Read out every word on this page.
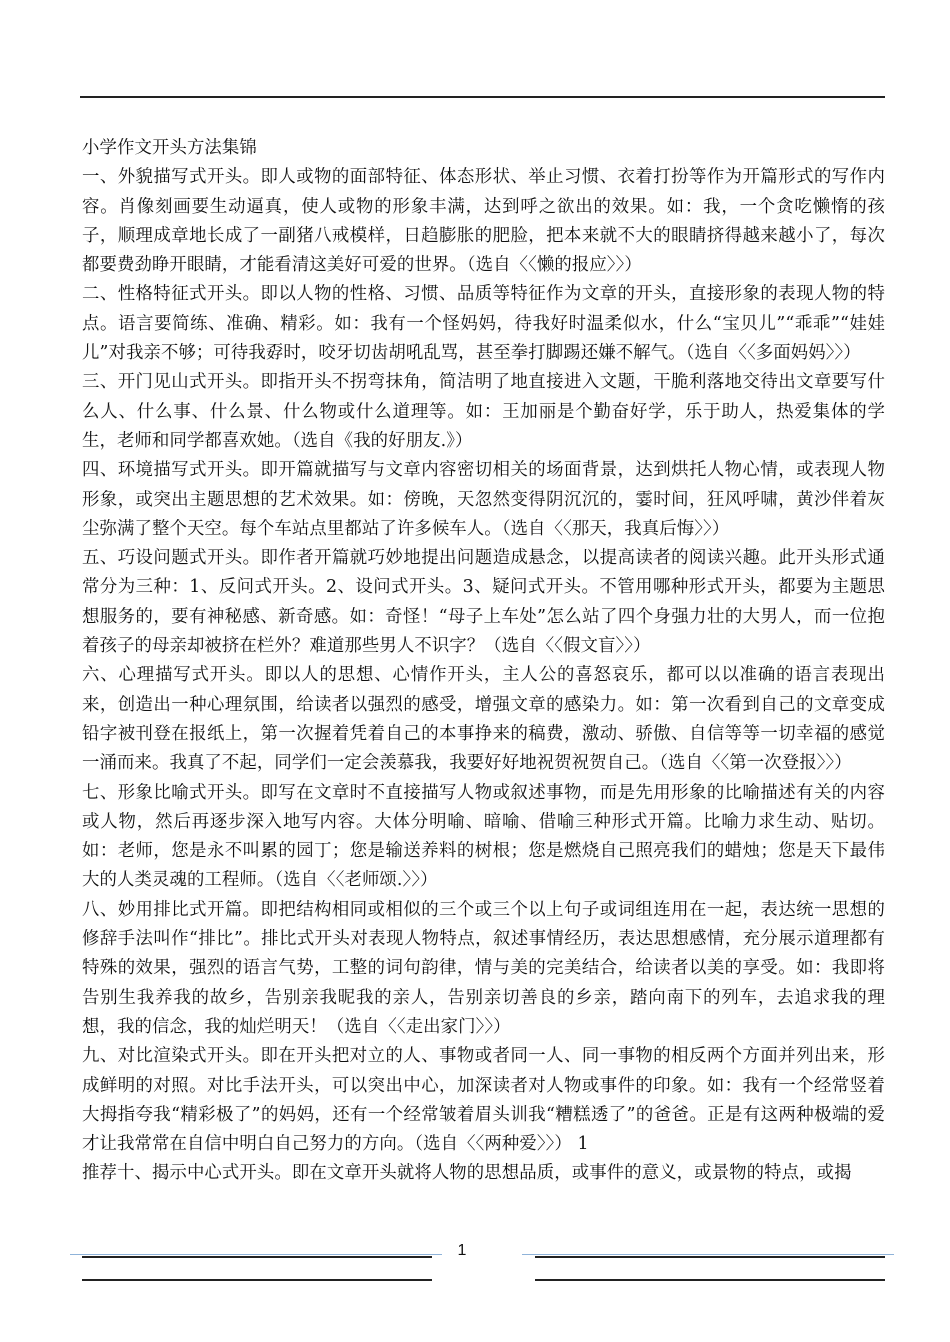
小学作文开头方法集锦

一、外貌描写式开头。即人或物的面部特征、体态形状、举止习惯、衣着打扮等作为开篇形式的写作内容。肖像刻画要生动逼真，使人或物的形象丰满，达到呼之欲出的效果。如：我，一个贪吃懒惰的孩子，顺理成章地长成了一副猪八戒模样，日趋膨胀的肥脸，把本来就不大的眼睛挤得越来越小了，每次都要费劲睁开眼睛，才能看清这美好可爱的世界。（选自〈〈懒的报应〉〉）

二、性格特征式开头。即以人物的性格、习惯、品质等特征作为文章的开头，直接形象的表现人物的特点。语言要简练、准确、精彩。如：我有一个怪妈妈，待我好时温柔似水，什么“宝贝儿”“乖乖”“娃娃儿”对我亲不够；可待我孬时，咬牙切齿胡吼乱骂，甚至拳打脚踢还嫌不解气。（选自〈〈多面妈妈〉〉）

三、开门见山式开头。即指开头不拐弯抹角，简洁明了地直接进入文题，干脆利落地交待出文章要写什么人、什么事、什么景、什么物或什么道理等。如：王加丽是个勤奋好学，乐于助人，热爱集体的学生，老师和同学都喜欢她。（选自《我的好朋友.》）

四、环境描写式开头。即开篇就描写与文章内容密切相关的场面背景，达到烘托人物心情，或表现人物形象，或突出主题思想的艺术效果。如：傍晚，天忽然变得阴沉沉的，霎时间，狂风呼啸，黄沙伴着灰尘弥满了整个天空。每个车站点里都站了许多候车人。（选自〈〈那天，我真后悔〉〉）

五、巧设问题式开头。即作者开篇就巧妙地提出问题造成悬念，以提高读者的阅读兴趣。此开头形式通常分为三种：1、反问式开头。2、设问式开头。3、疑问式开头。不管用哪种形式开头，都要为主题思想服务的，要有神秘感、新奇感。如：奇怪！“母子上车处”怎么站了四个身强力壮的大男人，而一位抱着孩子的母亲却被挤在栏外？难道那些男人不识字？（选自〈〈假文盲〉〉）

六、心理描写式开头。即以人的思想、心情作开头，主人公的喜怒哀乐，都可以以准确的语言表现出来，创造出一种心理氛围，给读者以强烈的感受，增强文章的感染力。如：第一次看到自己的文章变成铅字被刊登在报纸上，第一次握着凭着自己的本事挣来的稿费，激动、骄傲、自信等等一切幸福的感觉一涌而来。我真了不起，同学们一定会羡慕我，我要好好地祝贺祝贺自己。（选自〈〈第一次登报〉〉）

七、形象比喻式开头。即写在文章时不直接描写人物或叙述事物，而是先用形象的比喻描述有关的内容或人物，然后再逐步深入地写内容。大体分明喻、暗喻、借喻三种形式开篇。比喻力求生动、贴切。如：老师，您是永不叫累的园丁；您是输送养料的树根；您是燃烧自己照亮我们的蜡烛；您是天下最伟大的人类灵魂的工程师。（选自〈〈老师颂.〉〉）

八、妙用排比式开篇。即把结构相同或相似的三个或三个以上句子或词组连用在一起，表达统一思想的修辞手法叫作“排比”。排比式开头对表现人物特点，叙述事情经历，表达思想感情，充分展示道理都有特殊的效果，强烈的语言气势，工整的词句韵律，情与美的完美结合，给读者以美的享受。如：我即将告别生我养我的故乡，告别亲我昵我的亲人，告别亲切善良的乡亲，踏向南下的列车，去追求我的理想，我的信念，我的灿烂明天！（选自〈〈走出家门〉〉）

九、对比渲染式开头。即在开头把对立的人、事物或者同一人、同一事物的相反两个方面并列出来，形成鲜明的对照。对比手法开头，可以突出中心，加深读者对人物或事件的印象。如：我有一个经常竖着大拇指夸我“精彩极了”的妈妈，还有一个经常皱着眉头训我“糟糕透了”的爸爸。正是有这两种极端的爱才让我常常在自信中明白自己努力的方向。（选自〈〈两种爱〉〉） 1

推荐十、揭示中心式开头。即在文章开头就将人物的思想品质，或事件的意义，或景物的特点，或揭

1
